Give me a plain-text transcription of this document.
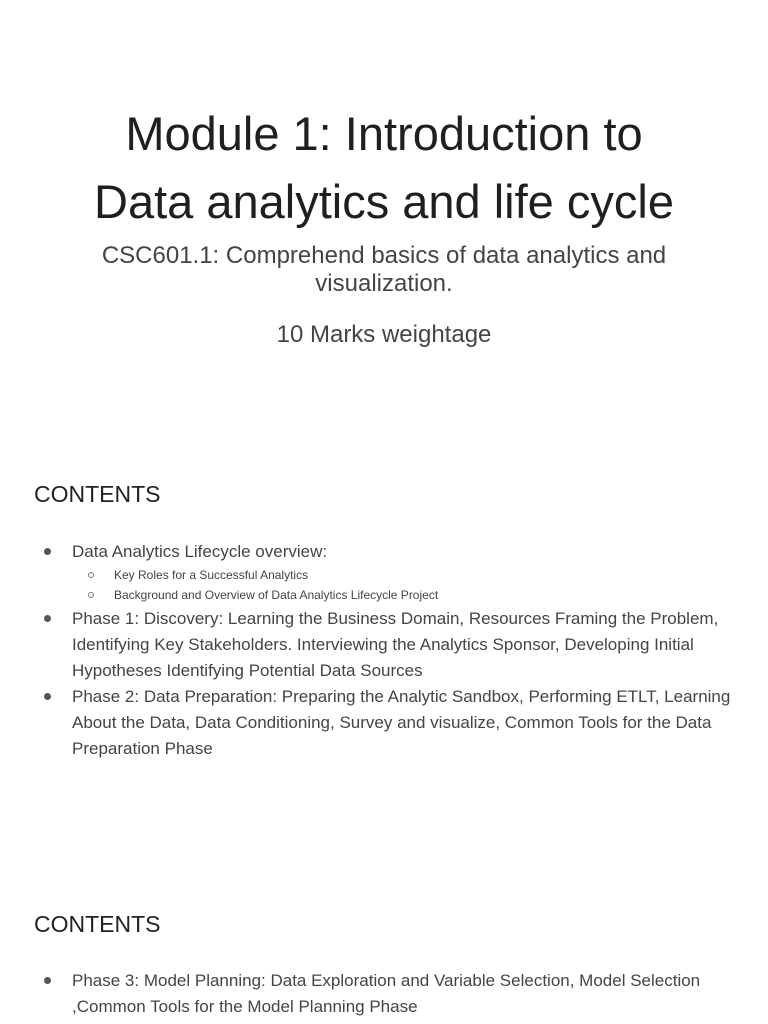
Module 1: Introduction to
Data analytics and life cycle

CSC601.1: Comprehend basics of data analytics and visualization.

10 Marks weightage

CONTENTS
Data Analytics Lifecycle overview:
Key Roles for a Successful Analytics
Background and Overview of Data Analytics Lifecycle Project
Phase 1: Discovery: Learning the Business Domain, Resources Framing the Problem, Identifying Key Stakeholders. Interviewing the Analytics Sponsor, Developing Initial Hypotheses Identifying Potential Data Sources
Phase 2: Data Preparation: Preparing the Analytic Sandbox, Performing ETLT, Learning About the Data, Data Conditioning, Survey and visualize, Common Tools for the Data Preparation Phase
CONTENTS
Phase 3: Model Planning: Data Exploration and Variable Selection, Model Selection ,Common Tools for the Model Planning Phase
